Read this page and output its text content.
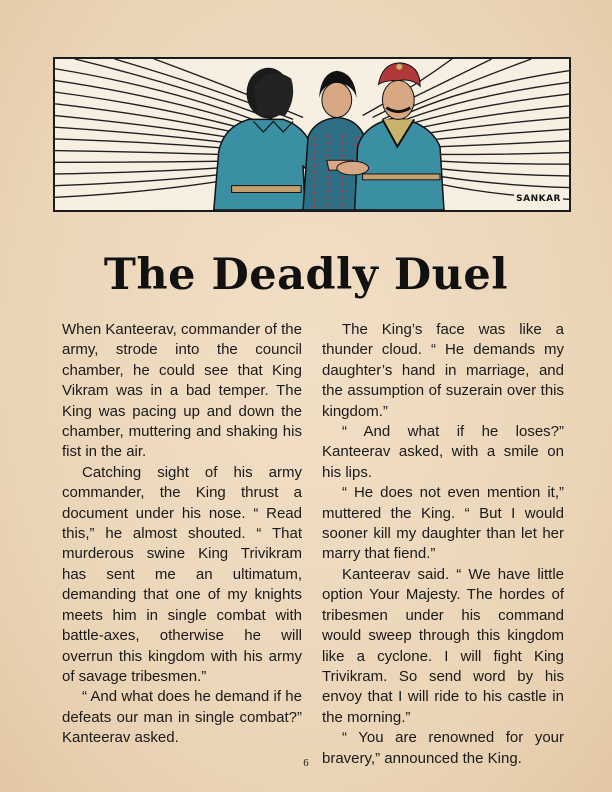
SANKAR
The Deadly Duel

When Kanteerav, commander of the army, strode into the council chamber, he could see that King Vikram was in a bad temper. The King was pacing up and down the chamber, muttering and shaking his fist in the air.

Catching sight of his army commander, the King thrust a document under his nose. “ Read this,” he almost shouted. “ That murderous swine King Trivikram has sent me an ultimatum, demanding that one of my knights meets him in single combat with battle-axes, otherwise he will overrun this kingdom with his army of savage tribesmen.”

“ And what does he demand if he defeats our man in single combat?” Kanteerav asked.

The King’s face was like a thunder cloud. “ He demands my daughter’s hand in marriage, and the assumption of suzerain over this kingdom.”

“ And what if he loses?” Kanteerav asked, with a smile on his lips.

“ He does not even mention it,” muttered the King. “ But I would sooner kill my daughter than let her marry that fiend.”

Kanteerav said. “ We have little option Your Majesty. The hordes of tribesmen under his command would sweep through this kingdom like a cyclone. I will fight King Trivikram. So send word by his envoy that I will ride to his castle in the morning.”

“ You are renowned for your bravery,” announced the King.

6
